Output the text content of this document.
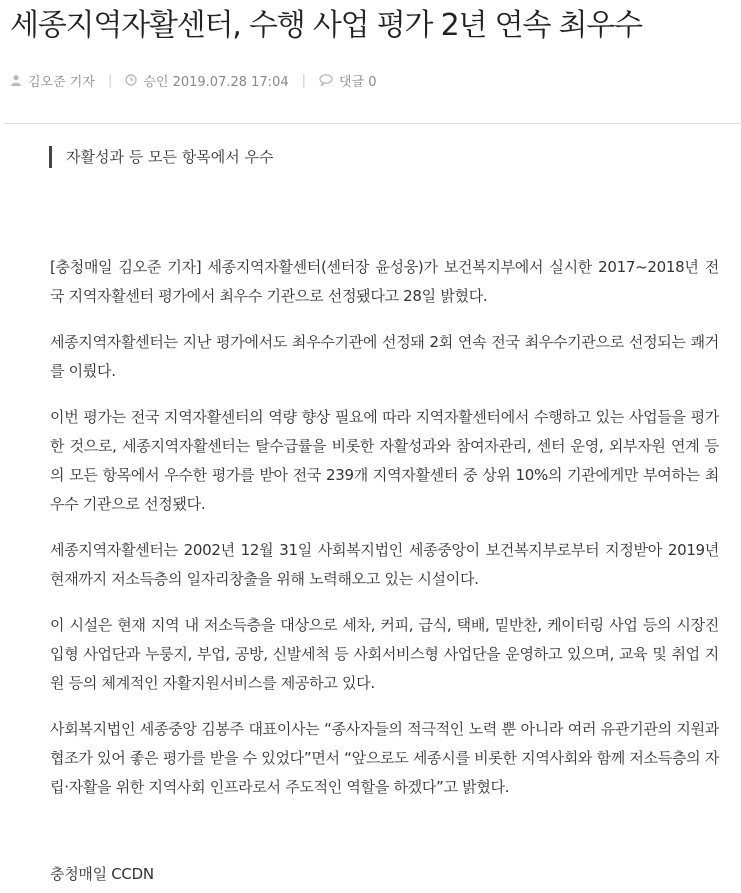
세종지역자활센터, 수행 사업 평가 2년 연속 최우수
김오준 기자 | 승인 2019.07.28 17:04 |	댓글 0
자활성과 등 모든 항목에서 우수

[충청매일 김오준 기자] 세종지역자활센터(센터장 윤성웅)가 보건복지부에서 실시한 2017~2018년 전국 지역자활센터 평가에서 최우수 기관으로 선정됐다고 28일 밝혔다.

세종지역자활센터는 지난 평가에서도 최우수기관에 선정돼 2회 연속 전국 최우수기관으로 선정되는 쾌거를 이뤘다.

이번 평가는 전국 지역자활센터의 역량 향상 필요에 따라 지역자활센터에서 수행하고 있는 사업들을 평가한 것으로, 세종지역자활센터는 탈수급률을 비롯한 자활성과와 참여자관리, 센터 운영, 외부자원 연계 등의 모든 항목에서 우수한 평가를 받아 전국 239개 지역자활센터 중 상위 10%의 기관에게만 부여하는 최우수 기관으로 선정됐다.

세종지역자활센터는 2002년 12월 31일 사회복지법인 세종중앙이 보건복지부로부터 지정받아 2019년 현재까지 저소득층의 일자리창출을 위해 노력해오고 있는 시설이다.

이 시설은 현재 지역 내 저소득층을 대상으로 세차, 커피, 급식, 택배, 밑반찬, 케이터링 사업 등의 시장진입형 사업단과 누룽지, 부업, 공방, 신발세척 등 사회서비스형 사업단을 운영하고 있으며, 교육 및 취업 지원 등의 체계적인 자활지원서비스를 제공하고 있다.

사회복지법인 세종중앙 김봉주 대표이사는 “종사자들의 적극적인 노력 뿐 아니라 여러 유관기관의 지원과 협조가 있어 좋은 평가를 받을 수 있었다”면서 “앞으로도 세종시를 비롯한 지역사회와 함께 저소득층의 자립·자활을 위한 지역사회 인프라로서 주도적인 역할을 하겠다”고 밝혔다.

충청매일 CCDN
